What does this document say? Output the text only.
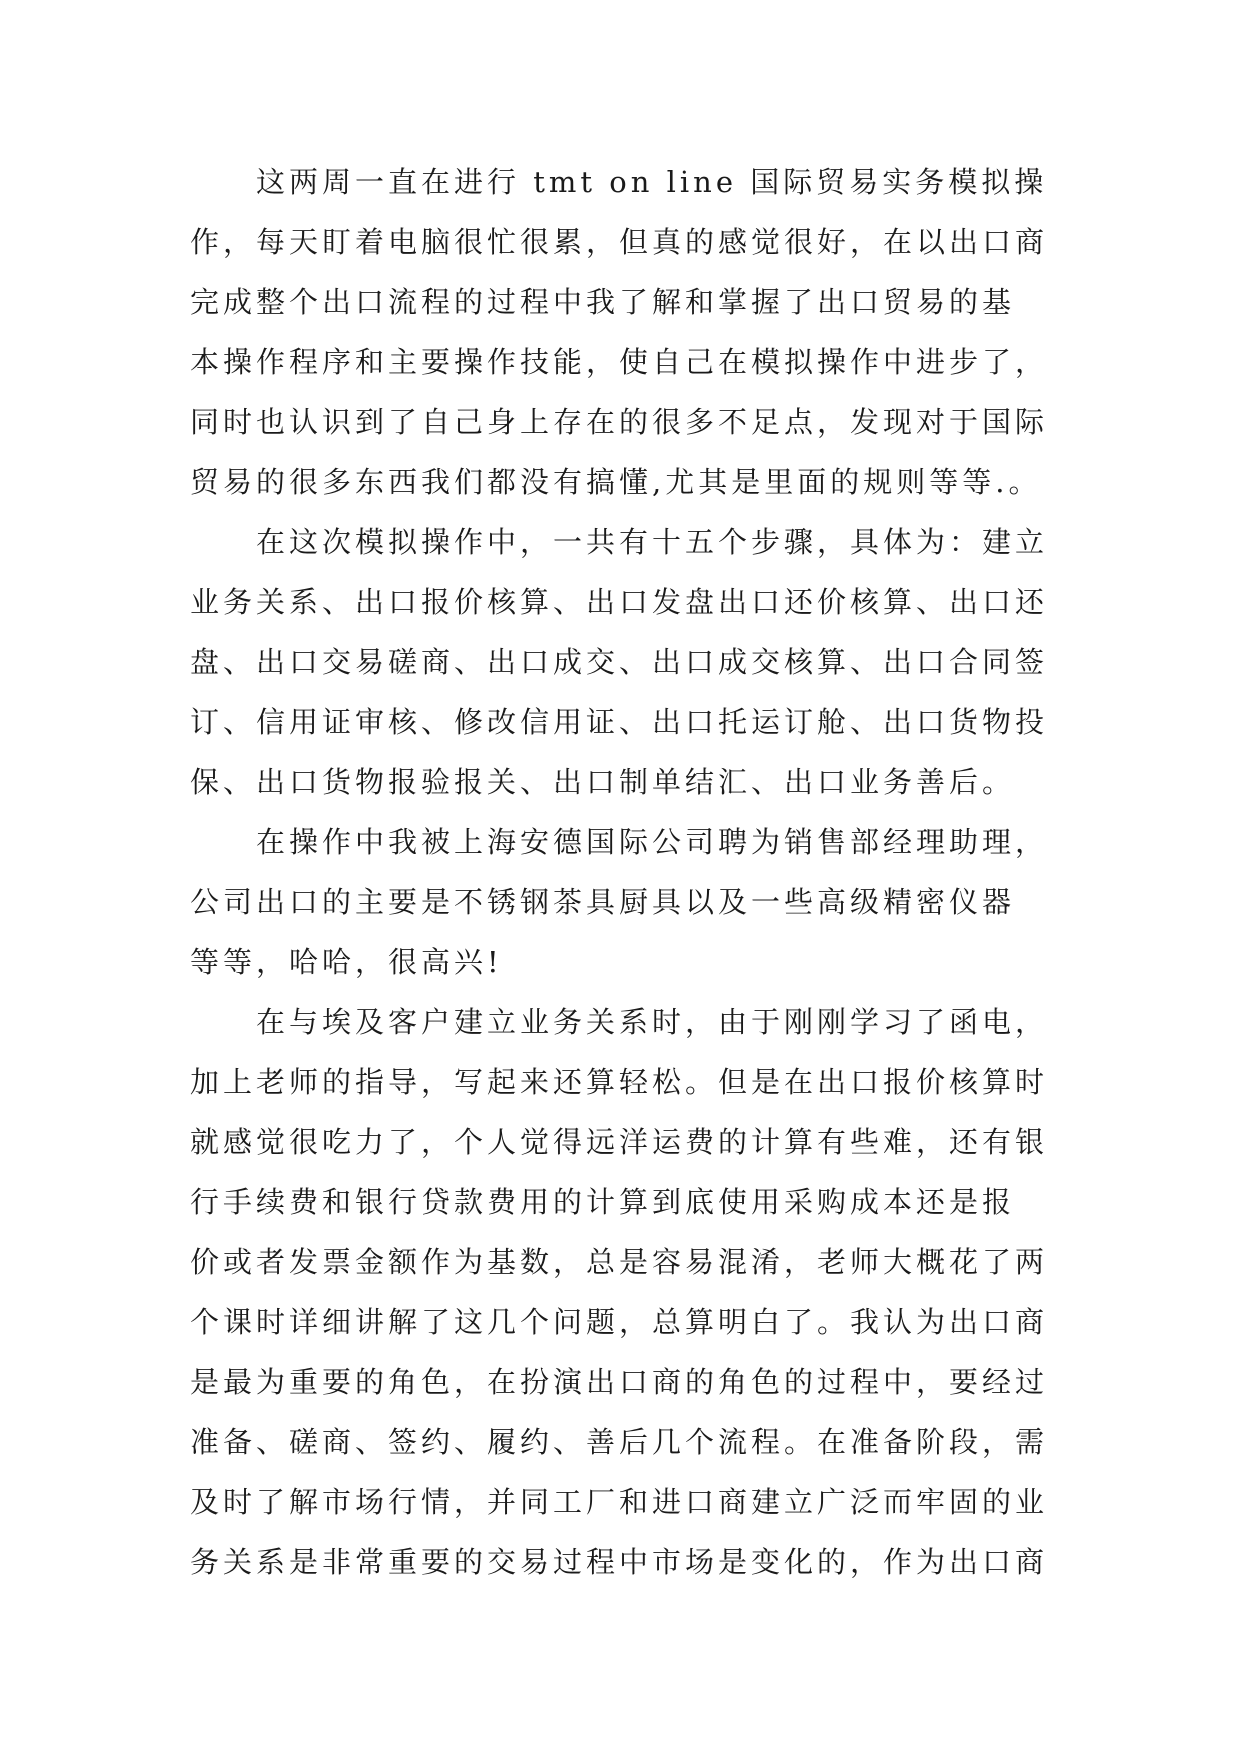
这两周一直在进行 tmt on line 国际贸易实务模拟操
作，每天盯着电脑很忙很累，但真的感觉很好，在以出口商
完成整个出口流程的过程中我了解和掌握了出口贸易的基
本操作程序和主要操作技能，使自己在模拟操作中进步了，
同时也认识到了自己身上存在的很多不足点，发现对于国际
贸易的很多东西我们都没有搞懂,尤其是里面的规则等等.。
在这次模拟操作中，一共有十五个步骤，具体为：建立
业务关系、出口报价核算、出口发盘出口还价核算、出口还
盘、出口交易磋商、出口成交、出口成交核算、出口合同签
订、信用证审核、修改信用证、出口托运订舱、出口货物投
保、出口货物报验报关、出口制单结汇、出口业务善后。
在操作中我被上海安德国际公司聘为销售部经理助理，
公司出口的主要是不锈钢茶具厨具以及一些高级精密仪器
等等，哈哈，很高兴!
在与埃及客户建立业务关系时，由于刚刚学习了函电，
加上老师的指导，写起来还算轻松。但是在出口报价核算时
就感觉很吃力了，个人觉得远洋运费的计算有些难，还有银
行手续费和银行贷款费用的计算到底使用采购成本还是报
价或者发票金额作为基数，总是容易混淆，老师大概花了两
个课时详细讲解了这几个问题，总算明白了。我认为出口商
是最为重要的角色，在扮演出口商的角色的过程中，要经过
准备、磋商、签约、履约、善后几个流程。在准备阶段，需
及时了解市场行情，并同工厂和进口商建立广泛而牢固的业
务关系是非常重要的交易过程中市场是变化的，作为出口商
